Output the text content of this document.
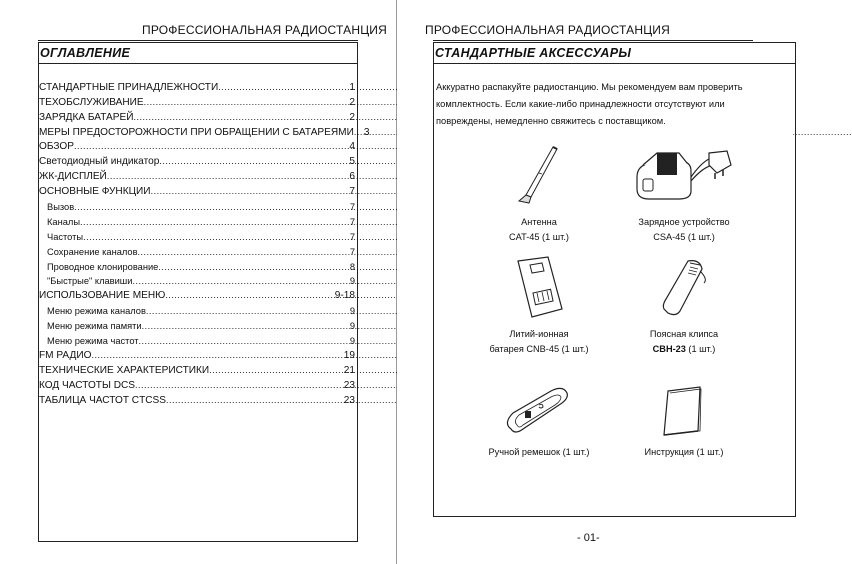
ПРОФЕССИОНАЛЬНАЯ РАДИОСТАНЦИЯ
ОГЛАВЛЕНИЕ
СТАНДАРТНЫЕ ПРИНАДЛЕЖНОСТИ .....	1
ТЕХОБСЛУЖИВАНИЕ .....	2
ЗАРЯДКА БАТАРЕЙ .....	2
МЕРЫ ПРЕДОСТОРОЖНОСТИ ПРИ ОБРАЩЕНИИ С БАТАРЕЯМИ ..... 3
ОБЗОР .....	4
Светодиодный индикатор .....	5
ЖК-ДИСПЛЕЙ .....	6
ОСНОВНЫЕ ФУНКЦИИ .....	7
Вызов .....	7
Каналы .....	7
Частоты .....	7
Сохранение каналов .....	7
Проводное клонирование .....	8
"Быстрые" клавиши .....	9
ИСПОЛЬЗОВАНИЕ МЕНЮ .....	9-18
Меню режима каналов .....	9
Меню режима памяти .....	9
Меню режима частот .....	9
FM РАДИО .....	19
ТЕХНИЧЕСКИЕ ХАРАКТЕРИСТИКИ .....	21
КОД ЧАСТОТЫ DCS .....	23
ТАБЛИЦА ЧАСТОТ CTCSS .....	23
ПРОФЕССИОНАЛЬНАЯ РАДИОСТАНЦИЯ
СТАНДАРТНЫЕ АКСЕССУАРЫ
Аккуратно распакуйте радиостанцию. Мы рекомендуем вам проверить комплектность. Если какие-либо принадлежности отсутствуют или повреждены, немедленно свяжитесь с поставщиком.
Антенна
CAT-45 (1 шт.)
Зарядное устройство
CSA-45 (1 шт.)
Литий-ионная
батарея CNB-45 (1 шт.)
Поясная клипса
CBH-23 (1 шт.)
Ручной ремешок (1 шт.)	Инструкция (1 шт.)
- 01-
